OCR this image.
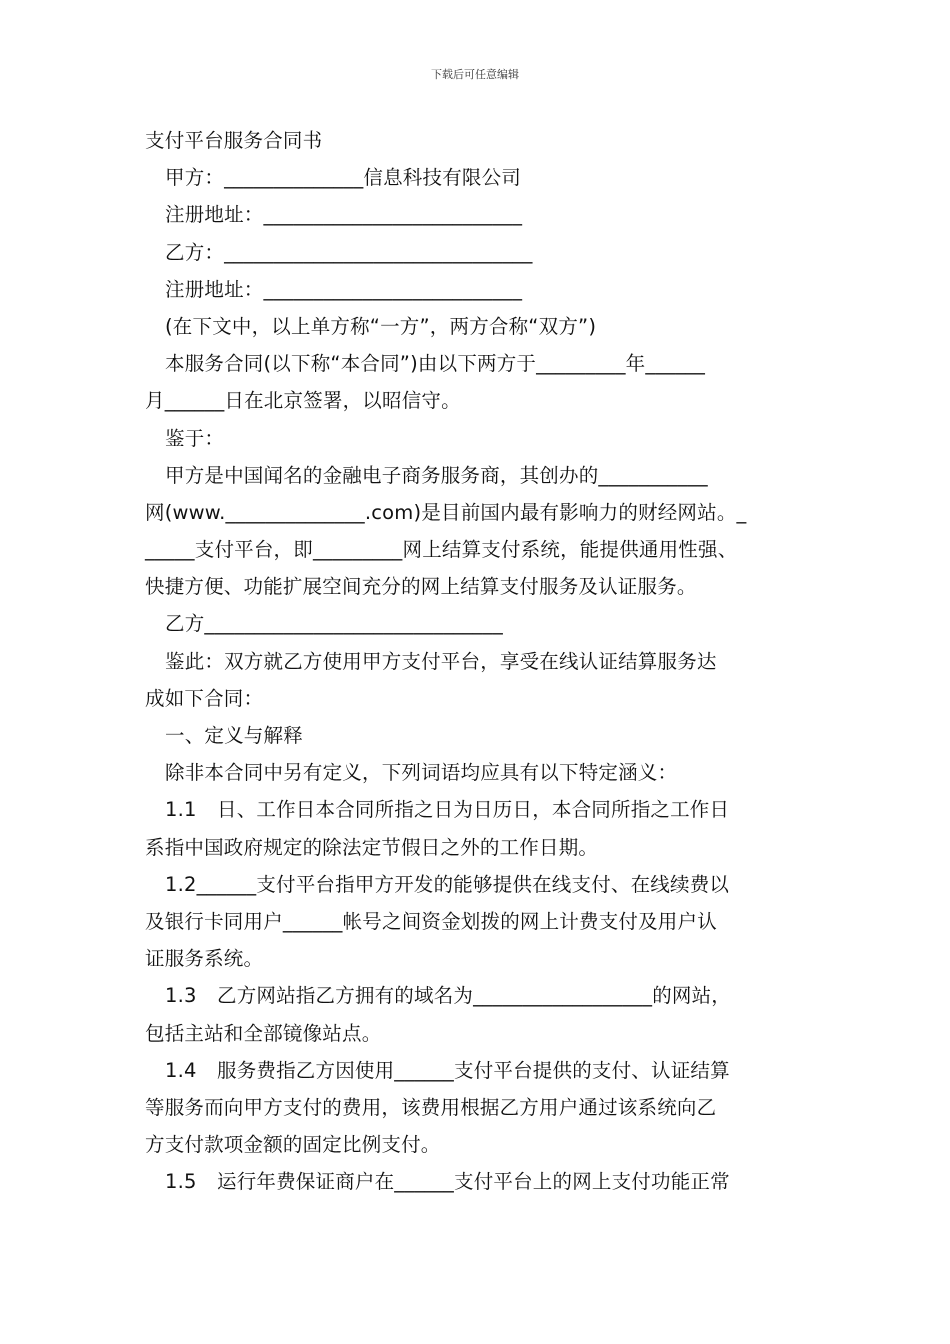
下载后可任意编辑
支付平台服务合同书
甲方：______________信息科技有限公司
注册地址：__________________________
乙方：_______________________________
注册地址：__________________________
(在下文中，以上单方称“一方”，两方合称“双方”)
本服务合同(以下称“本合同”)由以下两方于_________年______
月______日在北京签署，以昭信守。
鉴于：
甲方是中国闻名的金融电子商务服务商，其创办的___________
网(www.______________.com)是目前国内最有影响力的财经网站。_
_____支付平台，即_________网上结算支付系统，能提供通用性强、
快捷方便、功能扩展空间充分的网上结算支付服务及认证服务。
乙方______________________________
鉴此：双方就乙方使用甲方支付平台，享受在线认证结算服务达
成如下合同：
一、定义与解释
除非本合同中另有定义，下列词语均应具有以下特定涵义：
1.1 日、工作日本合同所指之日为日历日，本合同所指之工作日
系指中国政府规定的除法定节假日之外的工作日期。
1.2______支付平台指甲方开发的能够提供在线支付、在线续费以
及银行卡同用户______帐号之间资金划拨的网上计费支付及用户认
证服务系统。
1.3 乙方网站指乙方拥有的域名为__________________的网站，
包括主站和全部镜像站点。
1.4 服务费指乙方因使用______支付平台提供的支付、认证结算
等服务而向甲方支付的费用，该费用根据乙方用户通过该系统向乙
方支付款项金额的固定比例支付。
1.5 运行年费保证商户在______支付平台上的网上支付功能正常
